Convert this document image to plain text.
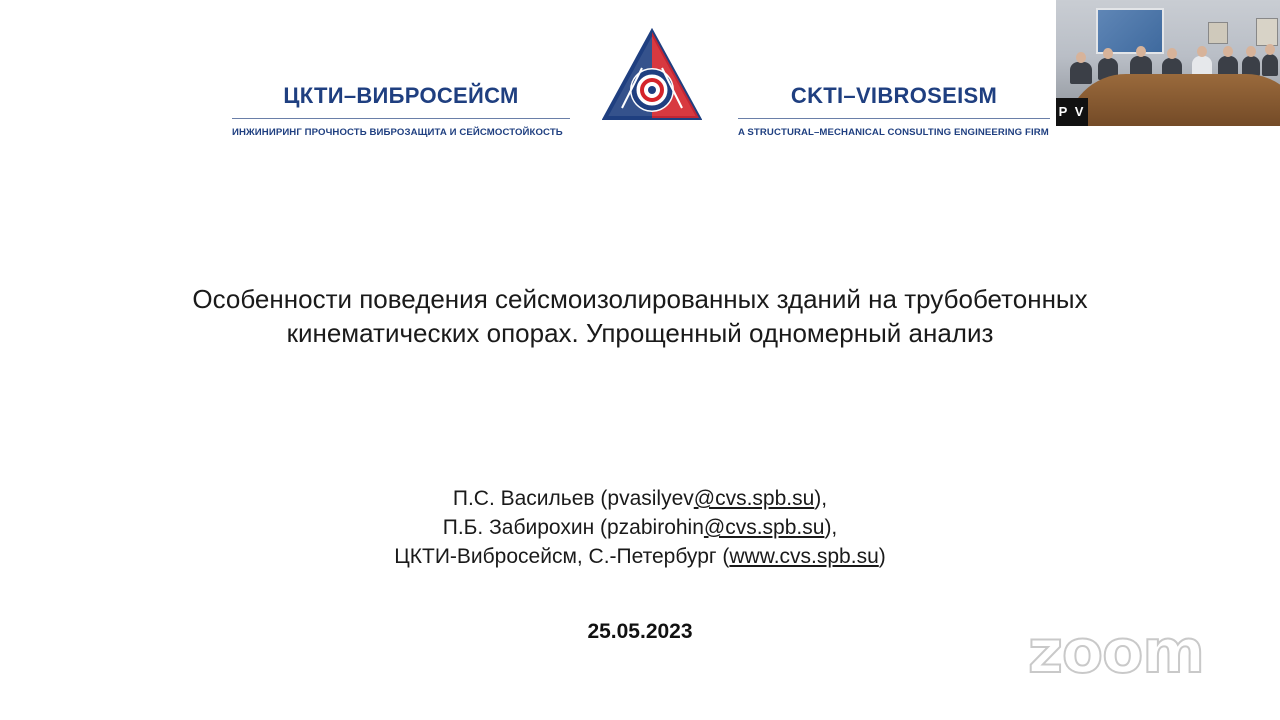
ЦКТИ–ВИБРОСЕЙСМ
ИНЖИНИРИНГ ПРОЧНОСТЬ ВИБРОЗАЩИТА И СЕЙСМОСТОЙКОСТЬ
CKTI–VIBROSEISM
A STRUCTURAL–MECHANICAL CONSULTING ENGINEERING FIRM
Особенности поведения сейсмоизолированных зданий на трубобетонных
кинематических опорах. Упрощенный одномерный анализ
П.С. Васильев (pvasilyev@cvs.spb.su),
П.Б. Забирохин (pzabirohin@cvs.spb.su),
ЦКТИ-Вибросейсм, С.-Петербург (www.cvs.spb.su)
25.05.2023
P V
zoom
